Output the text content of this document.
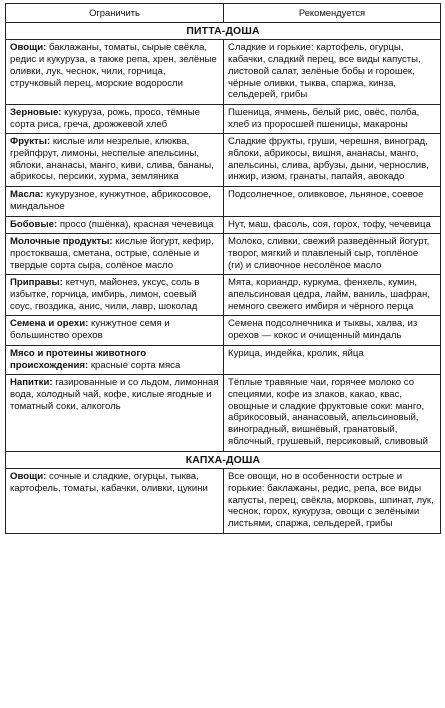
Ограничить	Рекомендуется
ПИТТА-ДОША	
Овощи: баклажаны, томаты, сырые свёкла, редис и кукуруза, а также репа, хрен, зелёные оливки, лук, чеснок, чили, горчица, стручковый перец, морские водоросли	Сладкие и горькие: картофель, огурцы, кабачки, сладкий перец, все виды капусты, листовой салат, зелёные бобы и горошек, чёрные оливки, тыква, спаржа, кинза, сельдерей, грибы
Зерновые: кукуруза, рожь, просо, тёмные сорта риса, греча, дрожжевой хлеб	Пшеница, ячмень, белый рис, овёс, полба, хлеб из проросшей пшеницы, макароны
Фрукты: кислые или незрелые, клюква, грейпфрут, лимоны, неспелые апельсины, яблоки, ананасы, манго, киви, слива, бананы, абрикосы, персики, хурма, земляника	Сладкие фрукты, груши, черешня, виноград, яблоки, абрикосы, вишня, ананасы, манго, апельсины, слива, арбузы, дыни, чернослив, инжир, изюм, гранаты, папайя, авокадо
Масла: кукурузное, кунжутное, абрикосовое, миндальное	Подсолнечное, оливковое, льняное, соевое
Бобовые: просо (пшёнка), красная чечевица	Нут, маш, фасоль, соя, горох, тофу, чечевица
Молочные продукты: кислые йогурт, кефир, простокваша, сметана, острые, солёные и твердые сорта сыра, солёное масло	Молоко, сливки, свежий разведённый йогурт, творог, мягкий и плавленый сыр, топлёное (ги) и сливочное несолёное масло
Приправы: кетчуп, майонез, уксус, соль в избытке, горчица, имбирь, лимон, соевый соус, гвоздика, анис, чили, лавр, шоколад	Мята, кориандр, куркума, фенхель, кумин, апельсиновая цедра, лайм, ваниль, шафран, немного свежего имбиря и чёрного перца
Семена и орехи: кунжутное семя и большинство орехов	Семена подсолнечника и тыквы, халва, из орехов — кокос и очищенный миндаль
Мясо и протеины животного происхождения: красные сорта мяса	Курица, индейка, кролик, яйца
Напитки: газированные и со льдом, лимонная вода, холодный чай, кофе, кислые ягодные и томатный соки, алкоголь	Тёплые травяные чаи, горячее молоко со специями, кофе из злаков, какао, квас, овощные и сладкие фруктовые соки: манго, абрикосовый, ананасовый, апельсиновый, виноградный, вишнёвый, гранатовый, яблочный, грушевый, персиковый, сливовый
КАПХА-ДОША	
Овощи: сочные и сладкие, огурцы, тыква, картофель, томаты, кабачки, оливки, цукини	Все овощи, но в особенности острые и горькие: баклажаны, редис, репа, все виды капусты, перец, свёкла, морковь, шпинат, лук, чеснок, горох, кукуруза, овощи с зелёными листьями, спаржа, сельдерей, грибы
